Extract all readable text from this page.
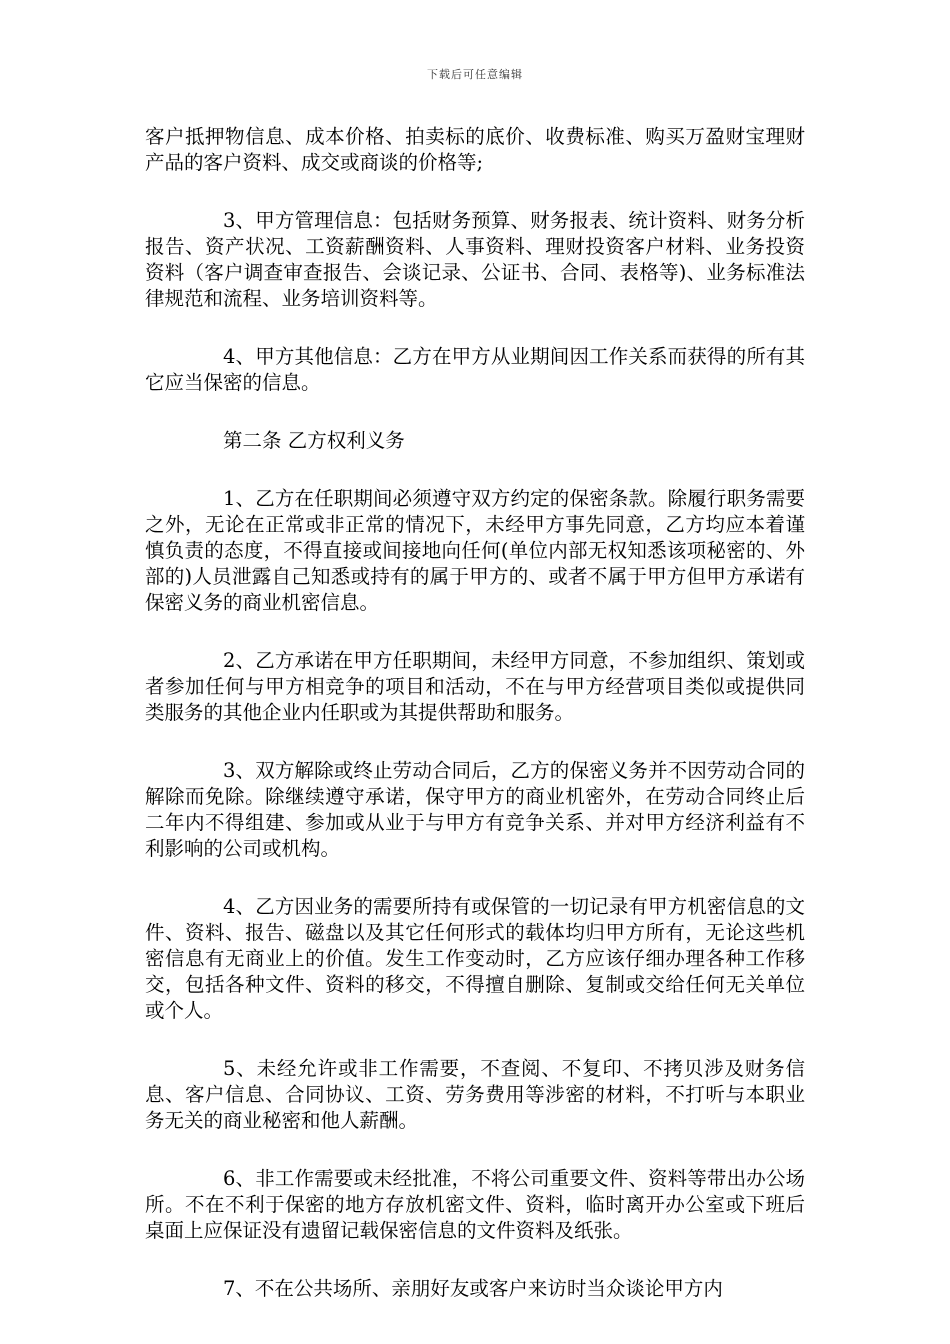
下载后可任意编辑

客户抵押物信息、成本价格、拍卖标的底价、收费标准、购买万盈财宝理财产品的客户资料、成交或商谈的价格等;

3、甲方管理信息：包括财务预算、财务报表、统计资料、财务分析报告、资产状况、工资薪酬资料、人事资料、理财投资客户材料、业务投资资料（客户调查审查报告、会谈记录、公证书、合同、表格等)、业务标准法律规范和流程、业务培训资料等。

4、甲方其他信息：乙方在甲方从业期间因工作关系而获得的所有其它应当保密的信息。

第二条 乙方权利义务

1、乙方在任职期间必须遵守双方约定的保密条款。除履行职务需要之外，无论在正常或非正常的情况下，未经甲方事先同意，乙方均应本着谨慎负责的态度，不得直接或间接地向任何(单位内部无权知悉该项秘密的、外部的)人员泄露自己知悉或持有的属于甲方的、或者不属于甲方但甲方承诺有保密义务的商业机密信息。

2、乙方承诺在甲方任职期间，未经甲方同意，不参加组织、策划或者参加任何与甲方相竞争的项目和活动，不在与甲方经营项目类似或提供同类服务的其他企业内任职或为其提供帮助和服务。

3、双方解除或终止劳动合同后，乙方的保密义务并不因劳动合同的解除而免除。除继续遵守承诺，保守甲方的商业机密外，在劳动合同终止后二年内不得组建、参加或从业于与甲方有竞争关系、并对甲方经济利益有不利影响的公司或机构。

4、乙方因业务的需要所持有或保管的一切记录有甲方机密信息的文件、资料、报告、磁盘以及其它任何形式的载体均归甲方所有，无论这些机密信息有无商业上的价值。发生工作变动时，乙方应该仔细办理各种工作移交，包括各种文件、资料的移交，不得擅自删除、复制或交给任何无关单位或个人。

5、未经允许或非工作需要，不查阅、不复印、不拷贝涉及财务信息、客户信息、合同协议、工资、劳务费用等涉密的材料，不打听与本职业务无关的商业秘密和他人薪酬。

6、非工作需要或未经批准，不将公司重要文件、资料等带出办公场所。不在不利于保密的地方存放机密文件、资料，临时离开办公室或下班后桌面上应保证没有遗留记载保密信息的文件资料及纸张。

7、不在公共场所、亲朋好友或客户来访时当众谈论甲方内
